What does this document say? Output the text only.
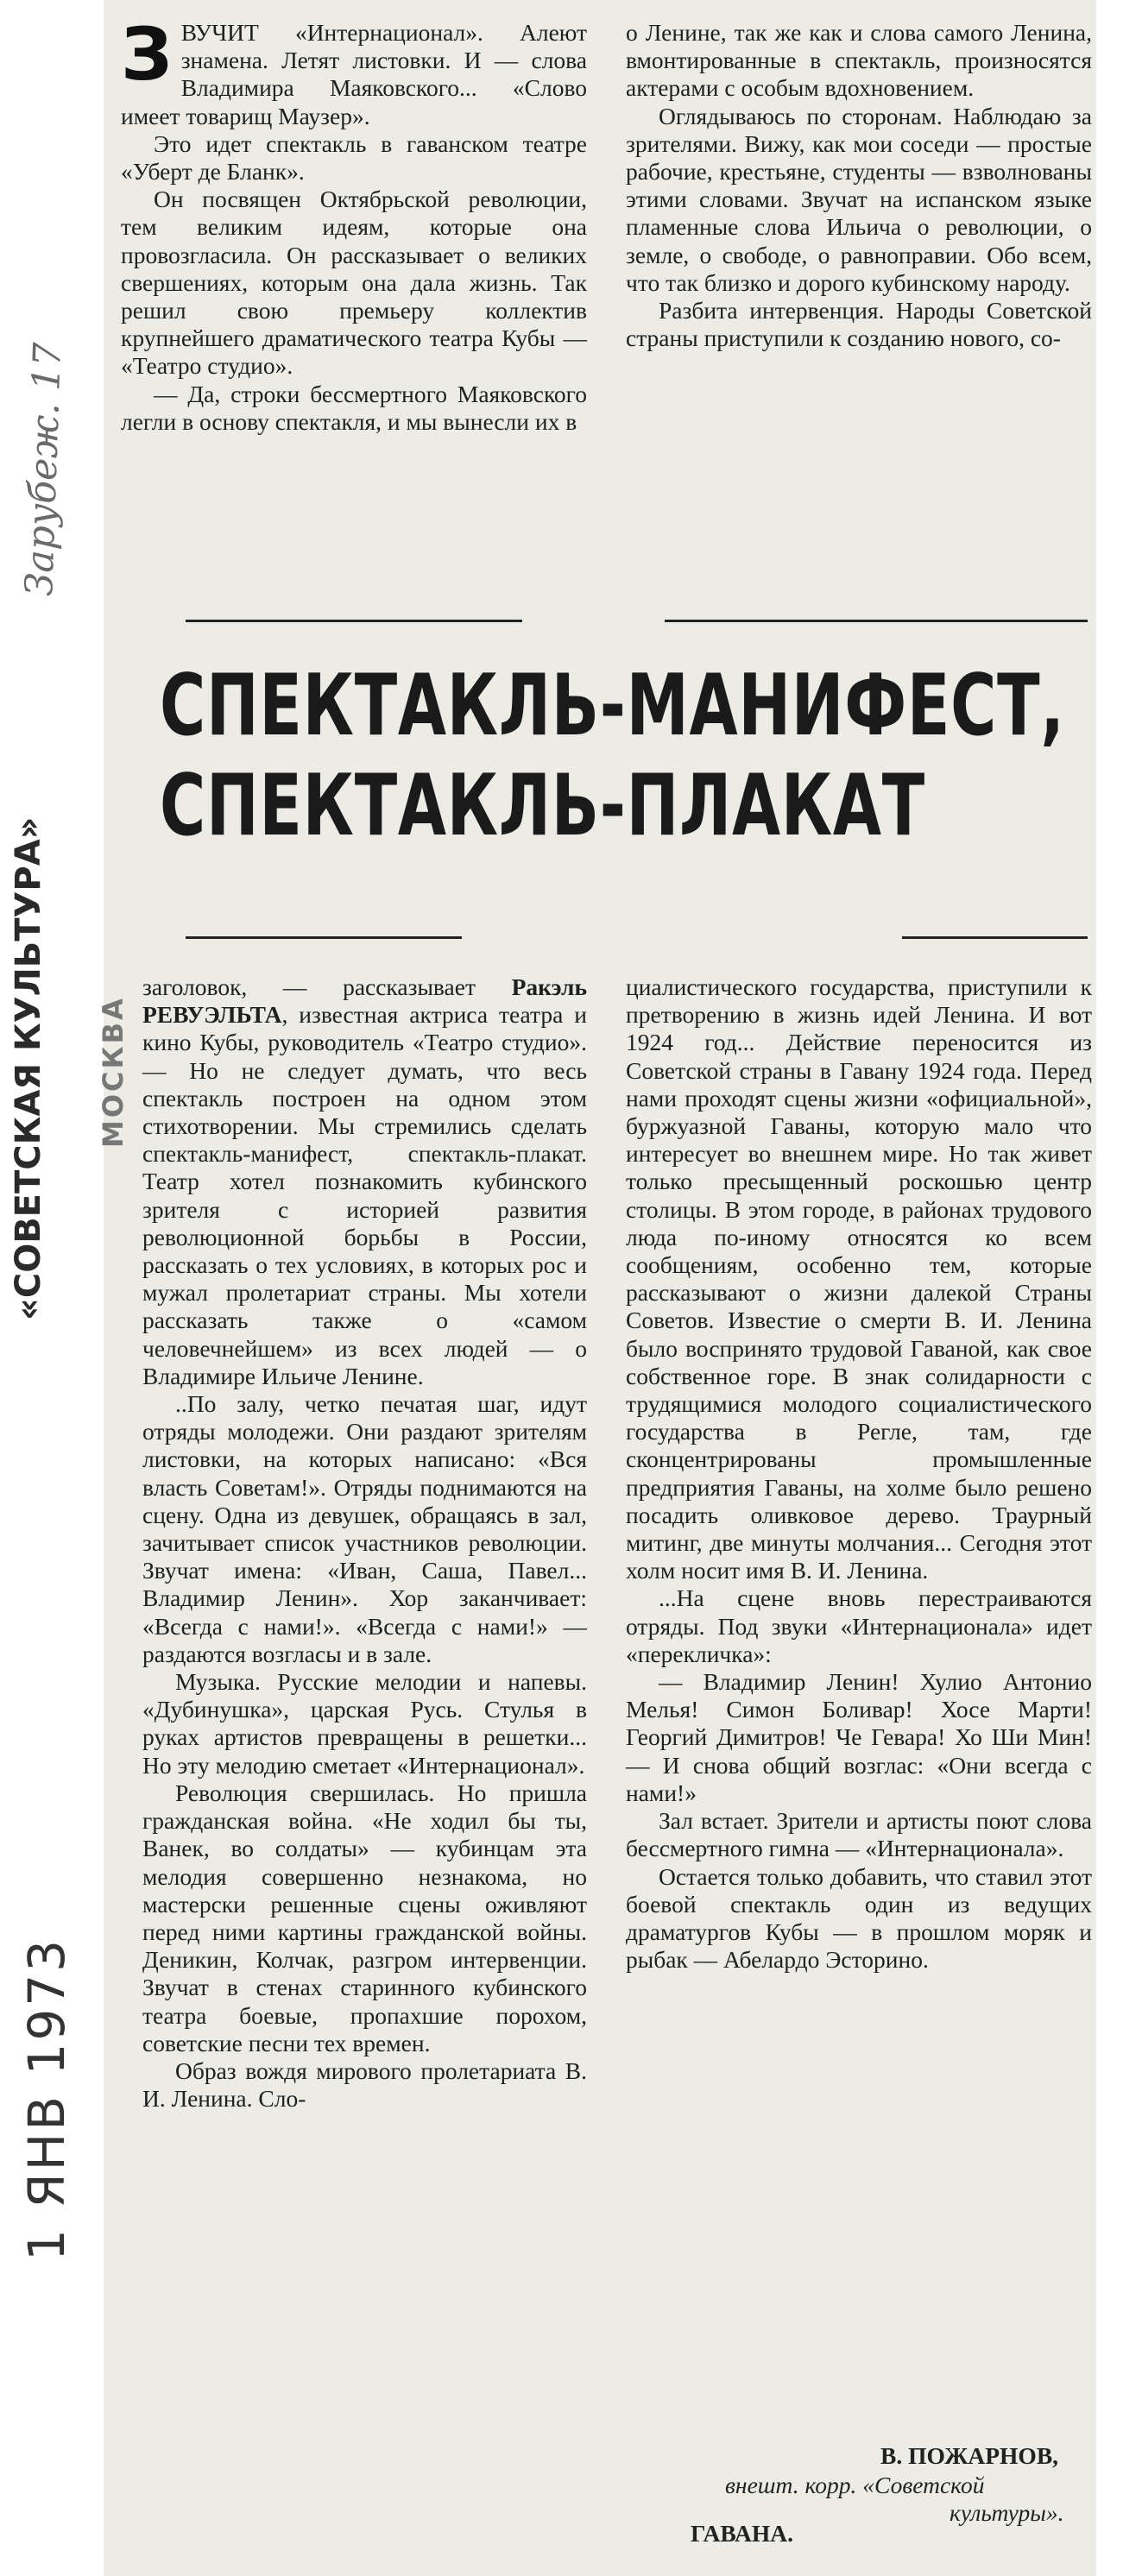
Зарубеж. 17
«СОВЕТСКАЯ КУЛЬТУРА»	МОСКВА
1 ЯНВ 1973

ЗВУЧИТ «Интернационал». Алеют знамена. Летят листовки. И — слова Владимира Маяковского... «Слово имеет товарищ Маузер».

Это идет спектакль в гаванском театре «Уберт де Бланк».

Он посвящен Октябрьской революции, тем великим идеям, которые она провозгласила. Он рассказывает о великих свершениях, которым она дала жизнь. Так решил свою премьеру коллектив крупнейшего драматического театра Кубы — «Театро студио».

— Да, строки бессмертного Маяковского легли в основу спектакля, и мы вынесли их в

о Ленине, так же как и слова самого Ленина, вмонтированные в спектакль, произносятся актерами с особым вдохновением.

Оглядываюсь по сторонам. Наблюдаю за зрителями. Вижу, как мои соседи — простые рабочие, крестьяне, студенты — взволнованы этими словами. Звучат на испанском языке пламенные слова Ильича о революции, о земле, о свободе, о равноправии. Обо всем, что так близко и дорого кубинскому народу.

Разбита интервенция. Народы Советской страны приступили к созданию нового, со-

СПЕКТАКЛЬ-МАНИФЕСТ,
СПЕКТАКЛЬ-ПЛАКАТ

заголовок, — рассказывает Ракэль РЕВУЭЛЬТА, известная актриса театра и кино Кубы, руководитель «Театро студио». — Но не следует думать, что весь спектакль построен на одном этом стихотворении. Мы стремились сделать спектакль-манифест, спектакль-плакат. Театр хотел познакомить кубинского зрителя с историей развития революционной борьбы в России, рассказать о тех условиях, в которых рос и мужал пролетариат страны. Мы хотели рассказать также о «самом человечнейшем» из всех людей — о Владимире Ильиче Ленине.

..По залу, четко печатая шаг, идут отряды молодежи. Они раздают зрителям листовки, на которых написано: «Вся власть Советам!». Отряды поднимаются на сцену. Одна из девушек, обращаясь в зал, зачитывает список участников революции. Звучат имена: «Иван, Саша, Павел... Владимир Ленин». Хор заканчивает: «Всегда с нами!». «Всегда с нами!» — раздаются возгласы и в зале.

Музыка. Русские мелодии и напевы. «Дубинушка», царская Русь. Стулья в руках артистов превращены в решетки... Но эту мелодию сметает «Интернационал».

Революция свершилась. Но пришла гражданская война. «Не ходил бы ты, Ванек, во солдаты» — кубинцам эта мелодия совершенно незнакома, но мастерски решенные сцены оживляют перед ними картины гражданской войны. Деникин, Колчак, разгром интервенции. Звучат в стенах старинного кубинского театра боевые, пропахшие порохом, советские песни тех времен.

Образ вождя мирового пролетариата В. И. Ленина. Сло-

циалистического государства, приступили к претворению в жизнь идей Ленина. И вот 1924 год... Действие переносится из Советской страны в Гавану 1924 года. Перед нами проходят сцены жизни «официальной», буржуазной Гаваны, которую мало что интересует во внешнем мире. Но так живет только пресыщенный роскошью центр столицы. В этом городе, в районах трудового люда по-иному относятся ко всем сообщениям, особенно тем, которые рассказывают о жизни далекой Страны Советов. Известие о смерти В. И. Ленина было воспринято трудовой Гаваной, как свое собственное горе. В знак солидарности с трудящимися молодого социалистического государства в Регле, там, где сконцентрированы промышленные предприятия Гаваны, на холме было решено посадить оливковое дерево. Траурный митинг, две минуты молчания... Сегодня этот холм носит имя В. И. Ленина.

...На сцене вновь перестраиваются отряды. Под звуки «Интернационала» идет «перекличка»:

— Владимир Ленин! Хулио Антонио Мелья! Симон Боливар! Хосе Марти! Георгий Димитров! Че Гевара! Хо Ши Мин! — И снова общий возглас: «Они всегда с нами!»

Зал встает. Зрители и артисты поют слова бессмертного гимна — «Интернационала».

Остается только добавить, что ставил этот боевой спектакль один из ведущих драматургов Кубы — в прошлом моряк и рыбак — Абелардо Эсторино.

В. ПОЖАРНОВ,
внешт. корр. «Советской
культуры».
ГАВАНА.
